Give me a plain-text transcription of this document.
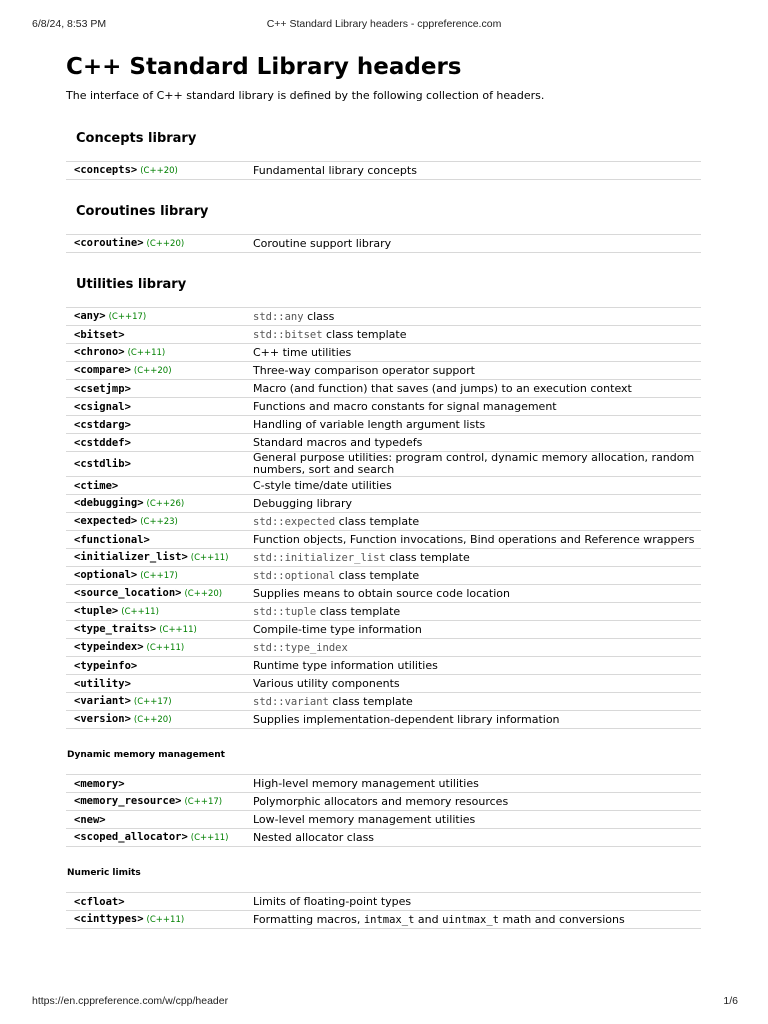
6/8/24, 8:53 PM	C++ Standard Library headers - cppreference.com
C++ Standard Library headers
The interface of C++ standard library is defined by the following collection of headers.
Concepts library
<concepts> (C++20)	Fundamental library concepts
Coroutines library
<coroutine> (C++20)	Coroutine support library
Utilities library
<any> (C++17)	std::any class
<bitset>	std::bitset class template
<chrono> (C++11)	C++ time utilities
<compare> (C++20)	Three-way comparison operator support
<csetjmp>	Macro (and function) that saves (and jumps) to an execution context
<csignal>	Functions and macro constants for signal management
<cstdarg>	Handling of variable length argument lists
<cstddef>	Standard macros and typedefs
<cstdlib>	General purpose utilities: program control, dynamic memory allocation, random numbers, sort and search
<ctime>	C-style time/date utilities
<debugging> (C++26)	Debugging library
<expected> (C++23)	std::expected class template
<functional>	Function objects, Function invocations, Bind operations and Reference wrappers
<initializer_list> (C++11)	std::initializer_list class template
<optional> (C++17)	std::optional class template
<source_location> (C++20)	Supplies means to obtain source code location
<tuple> (C++11)	std::tuple class template
<type_traits> (C++11)	Compile-time type information
<typeindex> (C++11)	std::type_index
<typeinfo>	Runtime type information utilities
<utility>	Various utility components
<variant> (C++17)	std::variant class template
<version> (C++20)	Supplies implementation-dependent library information
Dynamic memory management
<memory>	High-level memory management utilities
<memory_resource> (C++17)	Polymorphic allocators and memory resources
<new>	Low-level memory management utilities
<scoped_allocator> (C++11)	Nested allocator class
Numeric limits
<cfloat>	Limits of floating-point types
<cinttypes> (C++11)	Formatting macros, intmax_t and uintmax_t math and conversions
https://en.cppreference.com/w/cpp/header	1/6
